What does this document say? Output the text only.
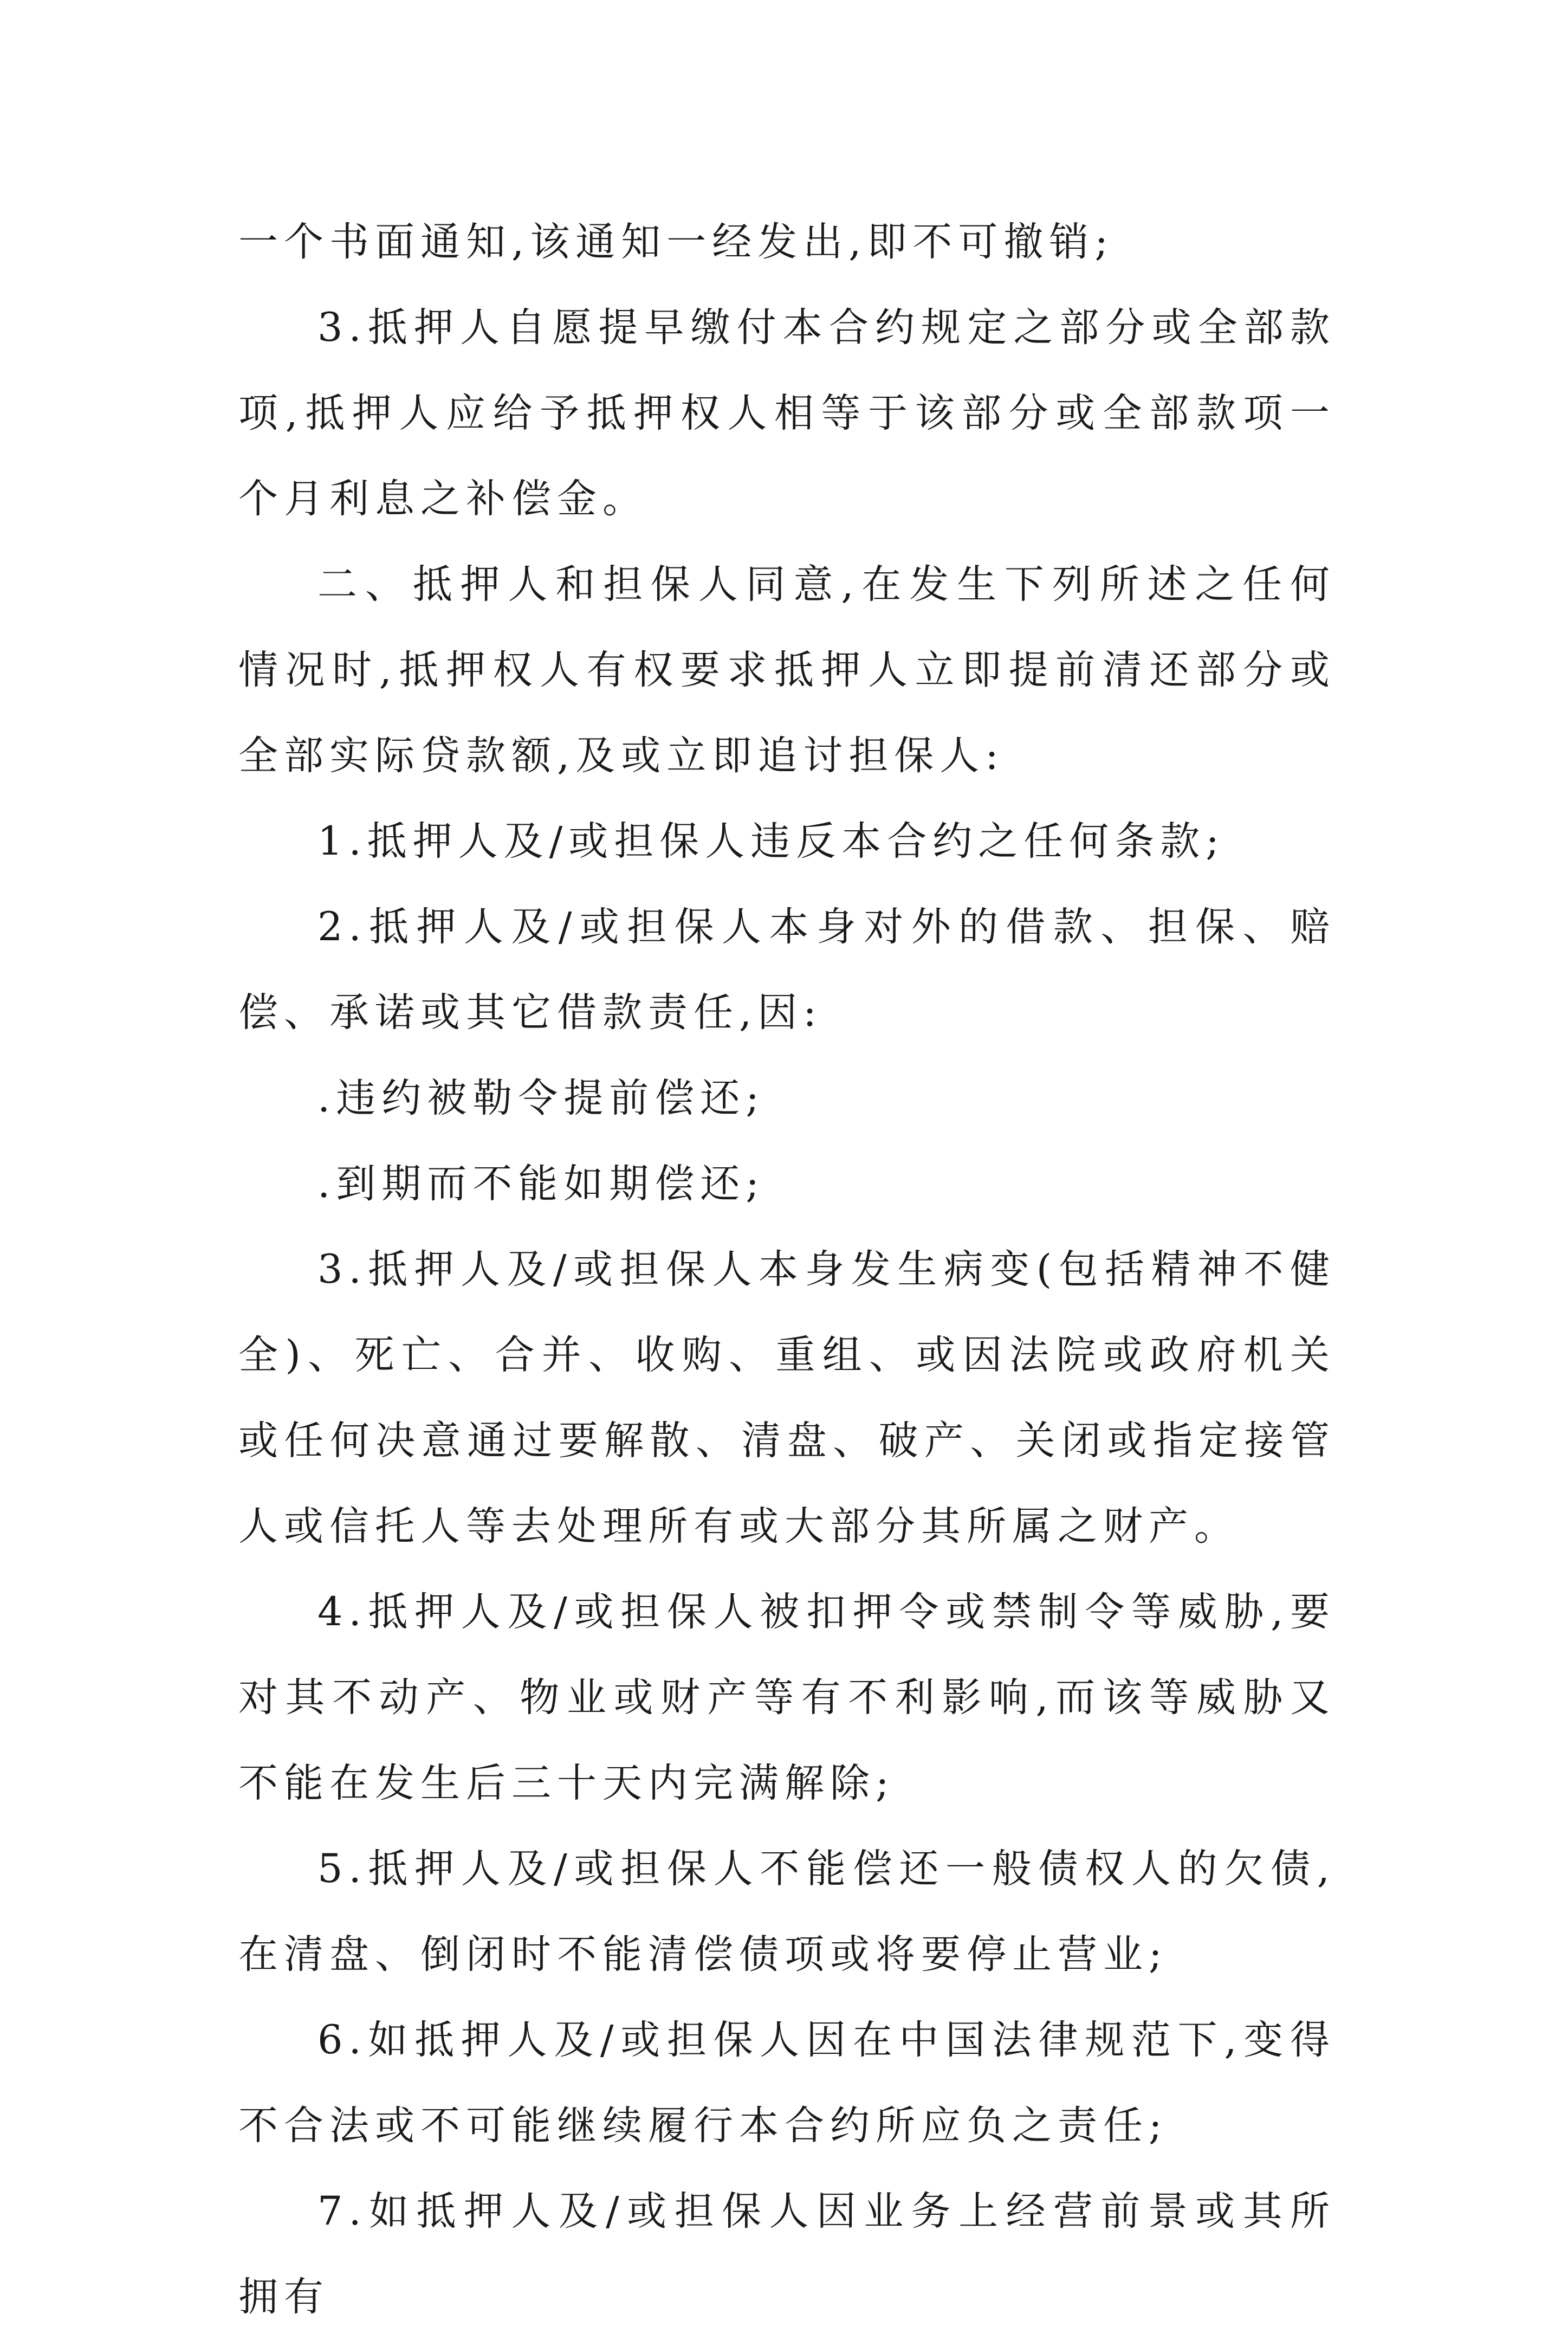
一个书面通知,该通知一经发出,即不可撤销;

3.抵押人自愿提早缴付本合约规定之部分或全部款项,抵押人应给予抵押权人相等于该部分或全部款项一个月利息之补偿金。

二、抵押人和担保人同意,在发生下列所述之任何情况时,抵押权人有权要求抵押人立即提前清还部分或全部实际贷款额,及或立即追讨担保人:

1.抵押人及/或担保人违反本合约之任何条款;

2.抵押人及/或担保人本身对外的借款、担保、赔偿、承诺或其它借款责任,因:

.违约被勒令提前偿还;

.到期而不能如期偿还;

3.抵押人及/或担保人本身发生病变(包括精神不健全)、死亡、合并、收购、重组、或因法院或政府机关或任何决意通过要解散、清盘、破产、关闭或指定接管人或信托人等去处理所有或大部分其所属之财产。

4.抵押人及/或担保人被扣押令或禁制令等威胁,要对其不动产、物业或财产等有不利影响,而该等威胁又不能在发生后三十天内完满解除;

5.抵押人及/或担保人不能偿还一般债权人的欠债,在清盘、倒闭时不能清偿债项或将要停止营业;

6.如抵押人及/或担保人因在中国法律规范下,变得不合法或不可能继续履行本合约所应负之责任;

7.如抵押人及/或担保人因业务上经营前景或其所拥有
